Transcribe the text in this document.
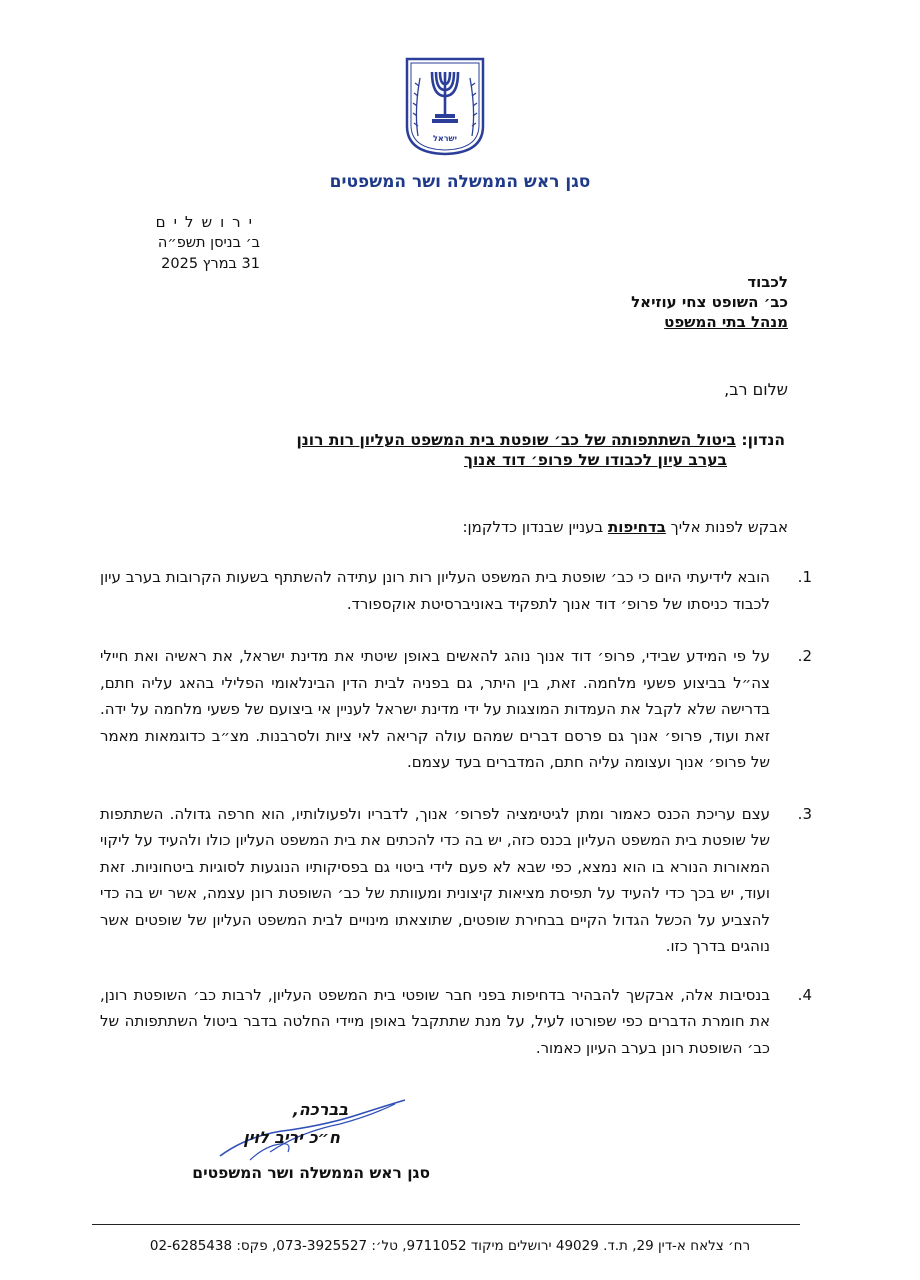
ישראל
סגן ראש הממשלה ושר המשפטים
ירושלים
ב׳ בניסן תשפ״ה
31 במרץ 2025
לכבוד
כב׳ השופט צחי עוזיאל
מנהל בתי המשפט
שלום רב,
הנדון: ביטול השתתפותה של כב׳ שופטת בית המשפט העליון רות רונן
בערב עיון לכבודו של פרופ׳ דוד אנוך
אבקש לפנות אליך בדחיפות בעניין שבנדון כדלקמן:
1.
הובא לידיעתי היום כי כב׳ שופטת בית המשפט העליון רות רונן עתידה להשתתף בשעות הקרובות בערב עיון לכבוד כניסתו של פרופ׳ דוד אנוך לתפקיד באוניברסיטת אוקספורד.
2.
על פי המידע שבידי, פרופ׳ דוד אנוך נוהג להאשים באופן שיטתי את מדינת ישראל, את ראשיה ואת חיילי צה״ל בביצוע פשעי מלחמה. זאת, בין היתר, גם בפניה לבית הדין הבינלאומי הפלילי בהאג עליה חתם, בדרישה שלא לקבל את העמדות המוצגות על ידי מדינת ישראל לעניין אי ביצועם של פשעי מלחמה על ידה. זאת ועוד, פרופ׳ אנוך גם פרסם דברים שמהם עולה קריאה לאי ציות ולסרבנות. מצ״ב כדוגמאות מאמר של פרופ׳ אנוך ועצומה עליה חתם, המדברים בעד עצמם.
3.
עצם עריכת הכנס כאמור ומתן לגיטימציה לפרופ׳ אנוך, לדבריו ולפעולותיו, הוא חרפה גדולה. השתתפות של שופטת בית המשפט העליון בכנס כזה, יש בה כדי להכתים את בית המשפט העליון כולו ולהעיד על ליקוי המאורות הנורא בו הוא נמצא, כפי שבא לא פעם לידי ביטוי גם בפסיקותיו הנוגעות לסוגיות ביטחוניות. זאת ועוד, יש בכך כדי להעיד על תפיסת מציאות קיצונית ומעוותת של כב׳ השופטת רונן עצמה, אשר יש בה כדי להצביע על הכשל הגדול הקיים בבחירת שופטים, שתוצאתו מינויים לבית המשפט העליון של שופטים אשר נוהגים בדרך כזו.
4.
בנסיבות אלה, אבקשך להבהיר בדחיפות בפני חבר שופטי בית המשפט העליון, לרבות כב׳ השופטת רונן, את חומרת הדברים כפי שפורטו לעיל, על מנת שתתקבל באופן מיידי החלטה בדבר ביטול השתתפותה של כב׳ השופטת רונן בערב העיון כאמור.
בברכה,
ח״כ יריב לוין
סגן ראש הממשלה ושר המשפטים
רח׳ צלאח א-דין 29, ת.ד. 49029 ירושלים מיקוד 9711052, טל׳: 073-3925527, פקס: 02-6285438
